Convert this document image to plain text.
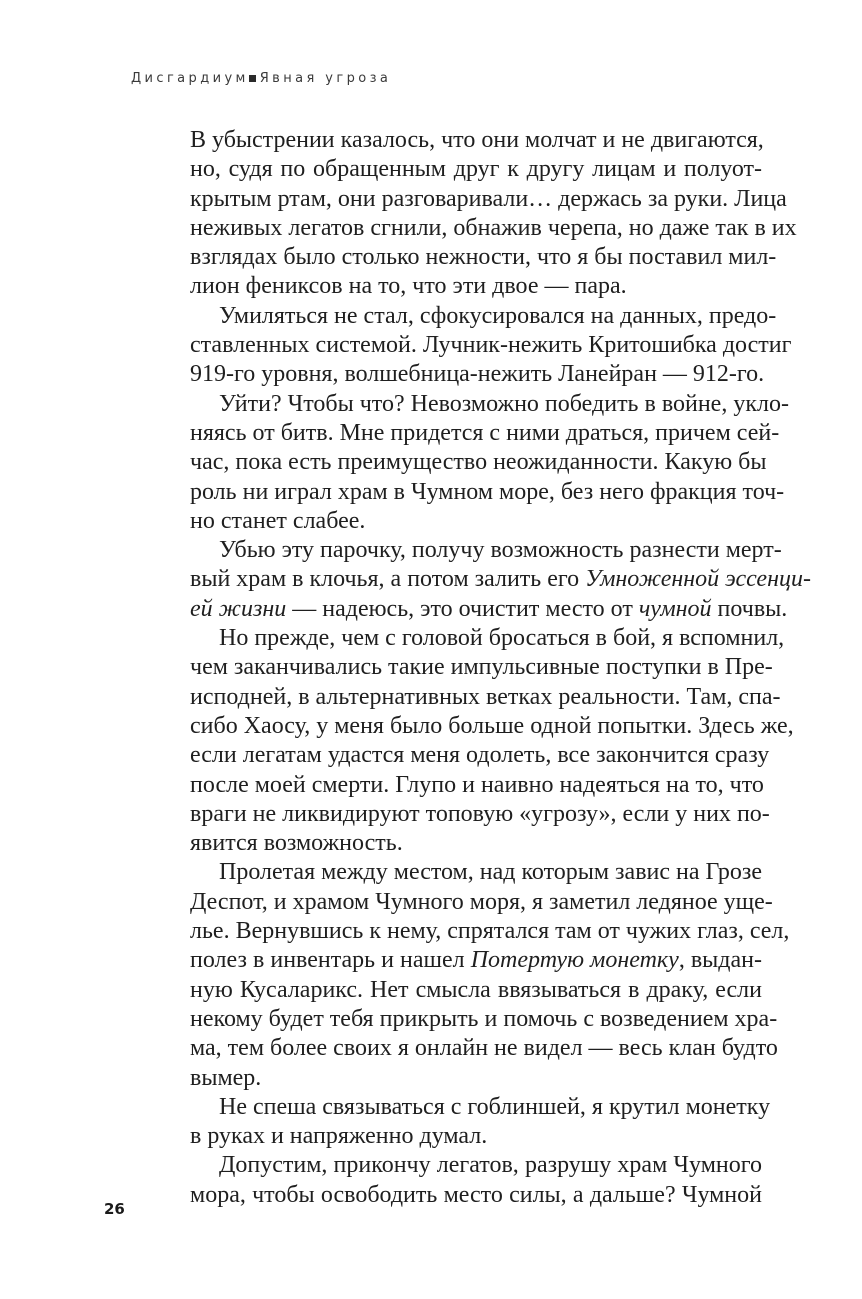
Дисгардиум Явная угроза
В убыстрении казалось, что они молчат и не двигаются,
но, судя по обращенным друг к другу лицам и полуот-
крытым ртам, они разговаривали… держась за руки. Лица
неживых легатов сгнили, обнажив черепа, но даже так в их
взглядах было столько нежности, что я бы поставил мил-
лион фениксов на то, что эти двое — пара.
Умиляться не стал, сфокусировался на данных, предо-
ставленных системой. Лучник-нежить Критошибка достиг
919-го уровня, волшебница-нежить Ланейран — 912-го.
Уйти? Чтобы что? Невозможно победить в войне, укло-
няясь от битв. Мне придется с ними драться, причем сей-
час, пока есть преимущество неожиданности. Какую бы
роль ни играл храм в Чумном море, без него фракция точ-
но станет слабее.
Убью эту парочку, получу возможность разнести мерт-
вый храм в клочья, а потом залить его Умноженной эссенци-
ей жизни — надеюсь, это очистит место от чумной почвы.
Но прежде, чем с головой бросаться в бой, я вспомнил,
чем заканчивались такие импульсивные поступки в Пре-
исподней, в альтернативных ветках реальности. Там, спа-
сибо Хаосу, у меня было больше одной попытки. Здесь же,
если легатам удастся меня одолеть, все закончится сразу
после моей смерти. Глупо и наивно надеяться на то, что
враги не ликвидируют топовую «угрозу», если у них по-
явится возможность.
Пролетая между местом, над которым завис на Грозе
Деспот, и храмом Чумного моря, я заметил ледяное уще-
лье. Вернувшись к нему, спрятался там от чужих глаз, сел,
полез в инвентарь и нашел Потертую монетку, выдан-
ную Кусаларикс. Нет смысла ввязываться в драку, если
некому будет тебя прикрыть и помочь с возведением хра-
ма, тем более своих я онлайн не видел — весь клан будто
вымер.
Не спеша связываться с гоблиншей, я крутил монетку
в руках и напряженно думал.
Допустим, прикончу легатов, разрушу храм Чумного
мора, чтобы освободить место силы, а дальше? Чумной
26
